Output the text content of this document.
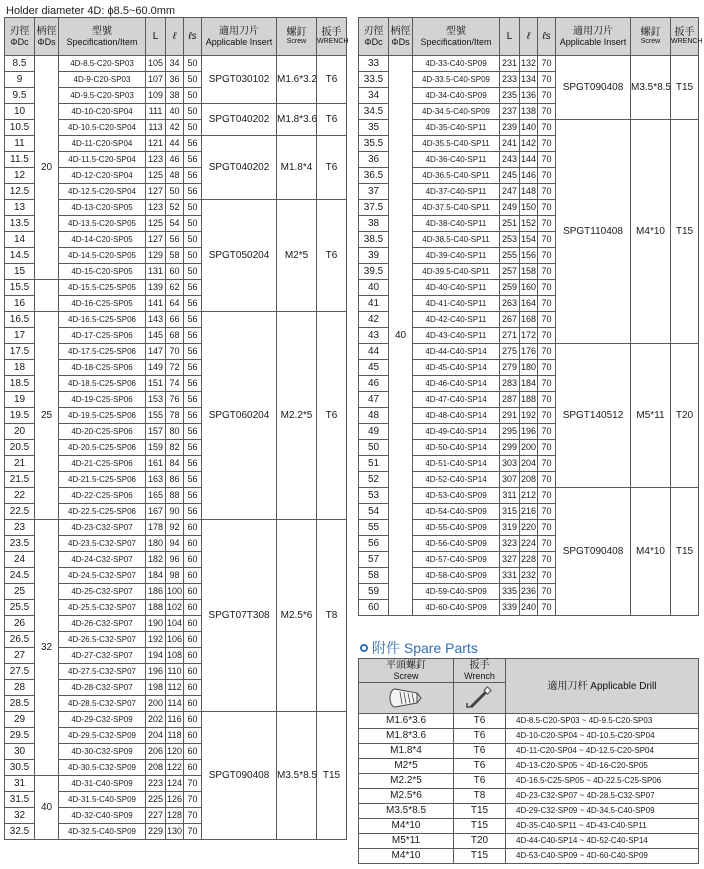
Holder diameter 4D: ϕ8.5~60.0mm
刃徑
ΦDc	柄徑
ΦDs	型號
Specification/Item	L	ℓ	ℓs	適用刀片
Applicable Insert	螺釘
Screw	扳手
WRENCH

8.5	20	4D-8.5-C20-SP03	105	34	50	SPGT030102	M1.6*3.2	T6
9		4D-9-C20-SP03	107	36	50			
9.5		4D-9.5-C20-SP03	109	38	50			
10		4D-10-C20-SP04	111	40	50	SPGT040202	M1.8*3.6	T6
10.5		4D-10.5-C20-SP04	113	42	50			
11		4D-11-C20-SP04	121	44	56	SPGT040202	M1.8*4	T6
11.5		4D-11.5-C20-SP04	123	46	56			
12		4D-12-C20-SP04	125	48	56			
12.5		4D-12.5-C20-SP04	127	50	56			
13		4D-13-C20-SP05	123	52	50	SPGT050204	M2*5	T6
13.5		4D-13.5-C20-SP05	125	54	50			
14		4D-14-C20-SP05	127	56	50			
14.5		4D-14.5-C20-SP05	129	58	50			
15		4D-15-C20-SP05	131	60	50			
15.5		4D-15.5-C25-SP05	139	62	56			
16		4D-16-C25-SP05	141	64	56			
16.5	25	4D-16.5-C25-SP06	143	66	56	SPGT060204	M2.2*5	T6
17		4D-17-C25-SP06	145	68	56			
17.5		4D-17.5-C25-SP06	147	70	56			
18		4D-18-C25-SP06	149	72	56			
18.5		4D-18.5-C25-SP06	151	74	56			
19		4D-19-C25-SP06	153	76	56			
19.5		4D-19.5-C25-SP06	155	78	56			
20		4D-20-C25-SP06	157	80	56			
20.5		4D-20.5-C25-SP06	159	82	56			
21		4D-21-C25-SP06	161	84	56			
21.5		4D-21.5-C25-SP06	163	86	56			
22		4D-22-C25-SP06	165	88	56			
22.5		4D-22.5-C25-SP06	167	90	56			
23	32	4D-23-C32-SP07	178	92	60	SPGT07T308	M2.5*6	T8
23.5		4D-23.5-C32-SP07	180	94	60			
24		4D-24-C32-SP07	182	96	60			
24.5		4D-24.5-C32-SP07	184	98	60			
25		4D-25-C32-SP07	186	100	60			
25.5		4D-25.5-C32-SP07	188	102	60			
26		4D-26-C32-SP07	190	104	60			
26.5		4D-26.5-C32-SP07	192	106	60			
27		4D-27-C32-SP07	194	108	60			
27.5		4D-27.5-C32-SP07	196	110	60			
28		4D-28-C32-SP07	198	112	60			
28.5		4D-28.5-C32-SP07	200	114	60			
29		4D-29-C32-SP09	202	116	60	SPGT090408	M3.5*8.5	T15
29.5		4D-29.5-C32-SP09	204	118	60			
30		4D-30-C32-SP09	206	120	60			
30.5		4D-30.5-C32-SP09	208	122	60			
31	40	4D-31-C40-SP09	223	124	70			
31.5		4D-31.5-C40-SP09	225	126	70			
32		4D-32-C40-SP09	227	128	70			
32.5		4D-32.5-C40-SP09	229	130	70			
刃徑
ΦDc	柄徑
ΦDs	型號
Specification/Item	L	ℓ	ℓs	適用刀片
Applicable Insert	螺釘
Screw	扳手
WRENCH

33	40	4D-33-C40-SP09	231	132	70	SPGT090408	M3.5*8.5	T15
33.5		4D-33.5-C40-SP09	233	134	70			
34		4D-34-C40-SP09	235	136	70			
34.5		4D-34.5-C40-SP09	237	138	70			
35		4D-35-C40-SP11	239	140	70	SPGT110408	M4*10	T15
35.5		4D-35.5-C40-SP11	241	142	70			
36		4D-36-C40-SP11	243	144	70			
36.5		4D-36.5-C40-SP11	245	146	70			
37		4D-37-C40-SP11	247	148	70			
37.5		4D-37.5-C40-SP11	249	150	70			
38		4D-38-C40-SP11	251	152	70			
38.5		4D-38.5-C40-SP11	253	154	70			
39		4D-39-C40-SP11	255	156	70			
39.5		4D-39.5-C40-SP11	257	158	70			
40		4D-40-C40-SP11	259	160	70			
41		4D-41-C40-SP11	263	164	70			
42		4D-42-C40-SP11	267	168	70			
43		4D-43-C40-SP11	271	172	70			
44		4D-44-C40-SP14	275	176	70	SPGT140512	M5*11	T20
45		4D-45-C40-SP14	279	180	70			
46		4D-46-C40-SP14	283	184	70			
47		4D-47-C40-SP14	287	188	70			
48		4D-48-C40-SP14	291	192	70			
49		4D-49-C40-SP14	295	196	70			
50		4D-50-C40-SP14	299	200	70			
51		4D-51-C40-SP14	303	204	70			
52		4D-52-C40-SP14	307	208	70			
53		4D-53-C40-SP09	311	212	70	SPGT090408	M4*10	T15
54		4D-54-C40-SP09	315	216	70			
55		4D-55-C40-SP09	319	220	70			
56		4D-56-C40-SP09	323	224	70			
57		4D-57-C40-SP09	327	228	70			
58		4D-58-C40-SP09	331	232	70			
59		4D-59-C40-SP09	335	236	70			
60		4D-60-C40-SP09	339	240	70			
附件 Spare Parts
平頭螺釘
Screw	扳手
Wrench	適用刀杆 Applicable Drill

M1.6*3.6	T6	4D-8.5-C20-SP03 ~ 4D-9.5-C20-SP03
M1.8*3.6	T6	4D-10-C20-SP04 ~ 4D-10.5-C20-SP04
M1.8*4	T6	4D-11-C20-SP04 ~ 4D-12.5-C20-SP04
M2*5	T6	4D-13-C20-SP05 ~ 4D-16-C20-SP05
M2.2*5	T6	4D-16.5-C25-SP05 ~ 4D-22.5-C25-SP06
M2.5*6	T8	4D-23-C32-SP07 ~ 4D-28.5-C32-SP07
M3.5*8.5	T15	4D-29-C32-SP09 ~ 4D-34.5-C40-SP09
M4*10	T15	4D-35-C40-SP11 ~ 4D-43-C40-SP11
M5*11	T20	4D-44-C40-SP14 ~ 4D-52-C40-SP14
M4*10	T15	4D-53-C40-SP09 ~ 4D-60-C40-SP09
